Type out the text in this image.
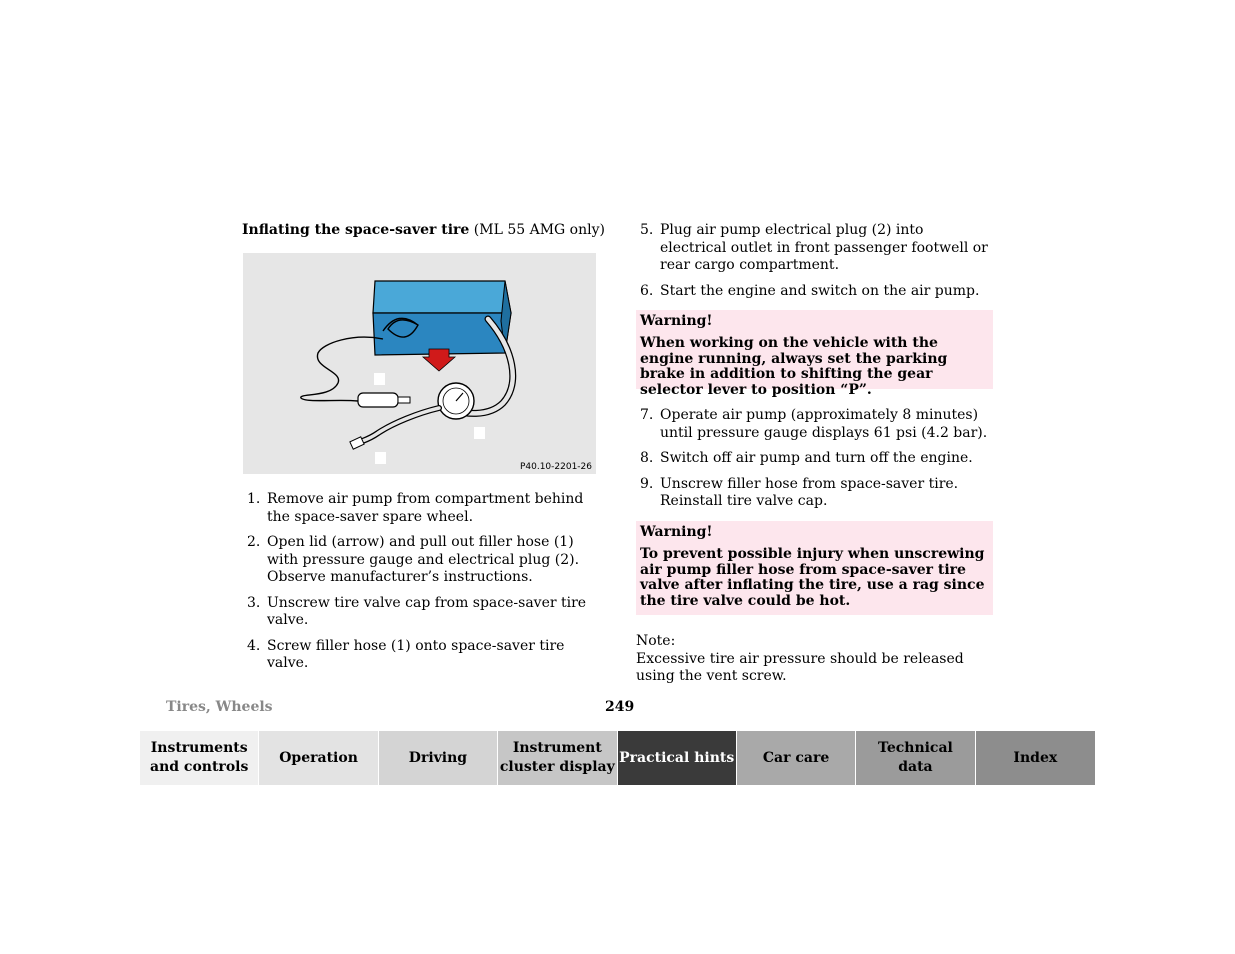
Inflating the space-saver tire (ML 55 AMG only)
P40.10-2201-26
1. Remove air pump from compartment behind the space-saver spare wheel.
2. Open lid (arrow) and pull out filler hose (1) with pressure gauge and electrical plug (2). Observe manufacturer’s instructions.
3. Unscrew tire valve cap from space-saver tire valve.
4. Screw filler hose (1) onto space-saver tire valve.
5. Plug air pump electrical plug (2) into electrical outlet in front passenger footwell or rear cargo compartment.
6. Start the engine and switch on the air pump.
Warning!
When working on the vehicle with the engine running, always set the parking brake in addition to shifting the gear selector lever to position “P”.
7. Operate air pump (approximately 8 minutes) until pressure gauge displays 61 psi (4.2 bar).
8. Switch off air pump and turn off the engine.
9. Unscrew filler hose from space-saver tire. Reinstall tire valve cap.
Warning!
To prevent possible injury when unscrewing air pump filler hose from space-saver tire valve after inflating the tire, use a rag since the tire valve could be hot.
Note:
Excessive tire air pressure should be released using the vent screw.
Tires, Wheels	249
Instruments
and controls
Operation	Driving
Instrument
cluster display
Practical hints Car care
Technical
data
Index
